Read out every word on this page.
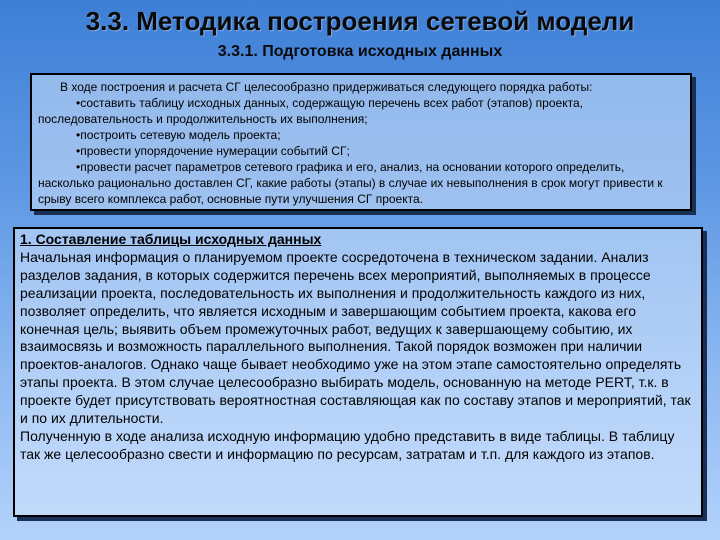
3.3. Методика построения сетевой модели
3.3.1. Подготовка исходных данных

В ходе построения и расчета СГ целесообразно придерживаться следующего порядка работы:

•составить таблицу исходных данных, содержащую перечень всех работ (этапов) проекта, последовательность и продолжительность их выполнения;

•построить сетевую модель проекта;

•провести упорядочение нумерации событий СГ;

•провести расчет параметров сетевого графика и его, анализ, на основании которого определить, насколько рационально доставлен СГ, какие работы (этапы) в случае их невыполнения в срок могут привести к срыву всего комплекса работ, основные пути улучшения СГ проекта.

1. Составление таблицы исходных данных

Начальная информация о планируемом проекте сосредоточена в техническом задании. Анализ разделов задания, в которых содержится перечень всех мероприятий, выполняемых в процессе реализации проекта, последовательность их выполнения и продолжительность каждого из них, позволяет определить, что является исходным и завершающим событием проекта, какова его конечная цель; выявить объем промежуточных работ, ведущих к завершающему событию, их взаимосвязь и возможность параллельного выполнения. Такой порядок возможен при наличии проектов-аналогов. Однако чаще бывает необходимо уже на этом этапе самостоятельно определять этапы проекта. В этом случае целесообразно выбирать модель, основанную на методе PERT, т.к. в проекте будет присутствовать вероятностная составляющая как по составу этапов и мероприятий, так и по их длительности.

Полученную в ходе анализа исходную информацию удобно представить в виде таблицы. В таблицу так же целесообразно свести и информацию по ресурсам, затратам и т.п. для каждого из этапов.
